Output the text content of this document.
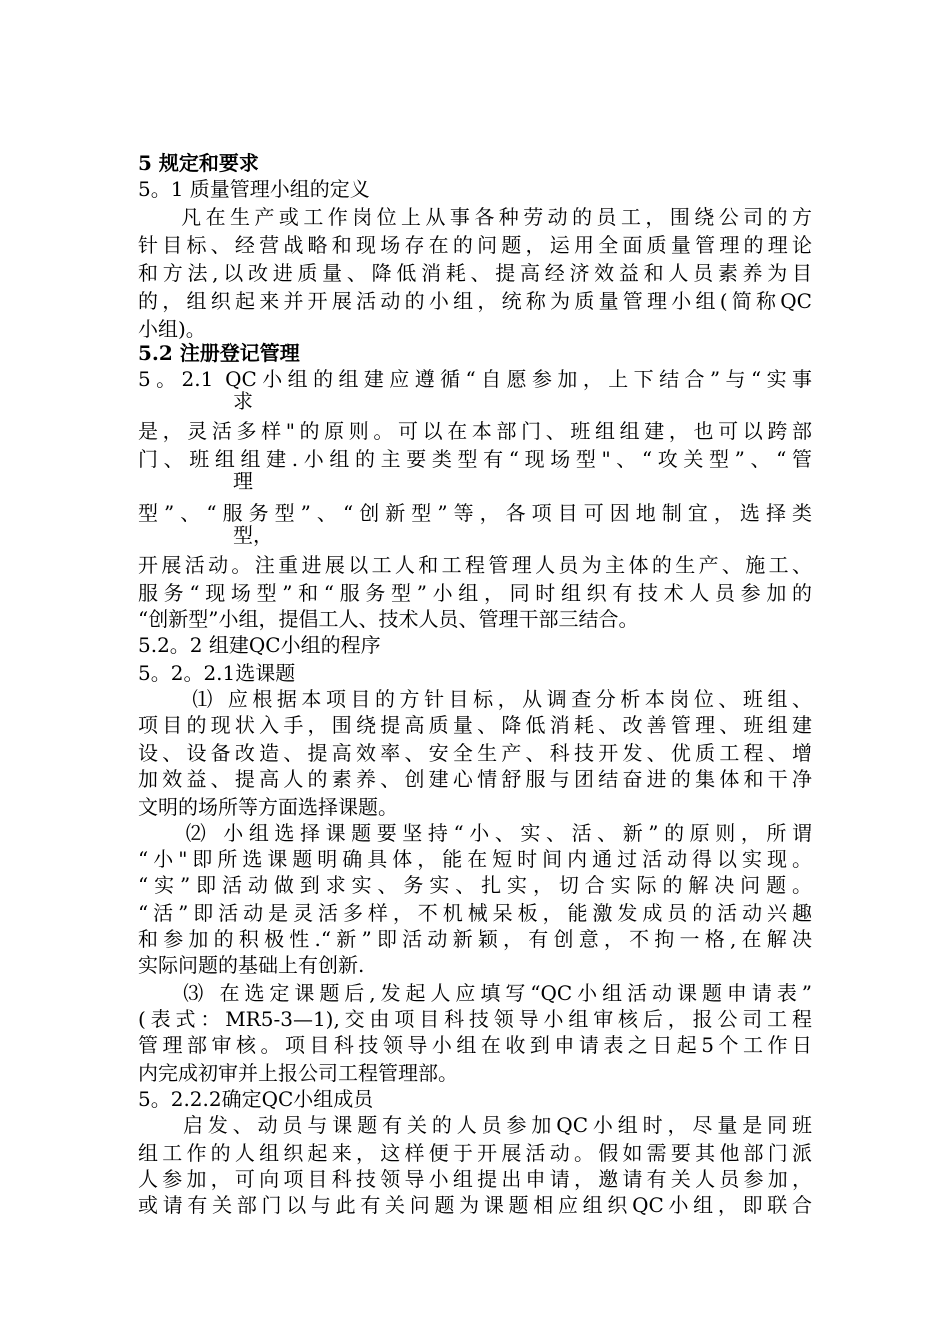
5 规定和要求
5。1 质量管理小组的定义
凡在生产或工作岗位上从事各种劳动的员工，围绕公司的方
针目标、经营战略和现场存在的问题，运用全面质量管理的理论
和方法,以改进质量、降低消耗、提高经济效益和人员素养为目
的，组织起来并开展活动的小组，统称为质量管理小组(简称QC
小组)。
5.2 注册登记管理
5。2.1 QC小组的组建应遵循“自愿参加，上下结合”与“实事
求
是，灵活多样"的原则。可以在本部门、班组组建，也可以跨部
门、班组组建.小组的主要类型有“现场型"、“攻关型”、“管
理
型”、“服务型”、“创新型”等，各项目可因地制宜，选择类
型，
开展活动。注重进展以工人和工程管理人员为主体的生产、施工、
服务“现场型”和“服务型”小组，同时组织有技术人员参加的
“创新型”小组，提倡工人、技术人员、管理干部三结合。
5.2。2 组建QC小组的程序
5。2。2.1选课题
⑴ 应根据本项目的方针目标，从调查分析本岗位、班组、
项目的现状入手，围绕提高质量、降低消耗、改善管理、班组建
设、设备改造、提高效率、安全生产、科技开发、优质工程、增
加效益、提高人的素养、创建心情舒服与团结奋进的集体和干净
文明的场所等方面选择课题。
⑵ 小组选择课题要坚持“小、实、活、新”的原则，所谓
“小"即所选课题明确具体，能在短时间内通过活动得以实现。
“实”即活动做到求实、务实、扎实，切合实际的解决问题。
“活”即活动是灵活多样，不机械呆板，能激发成员的活动兴趣
和参加的积极性.“新”即活动新颖，有创意，不拘一格,在解决
实际问题的基础上有创新.
⑶ 在选定课题后,发起人应填写“QC小组活动课题申请表”
(表式：MR5-3—1),交由项目科技领导小组审核后，报公司工程
管理部审核。项目科技领导小组在收到申请表之日起5个工作日
内完成初审并上报公司工程管理部。
5。2.2.2确定QC小组成员
启发、动员与课题有关的人员参加QC小组时，尽量是同班
组工作的人组织起来，这样便于开展活动。假如需要其他部门派
人参加，可向项目科技领导小组提出申请，邀请有关人员参加，
或请有关部门以与此有关问题为课题相应组织QC小组，即联合
